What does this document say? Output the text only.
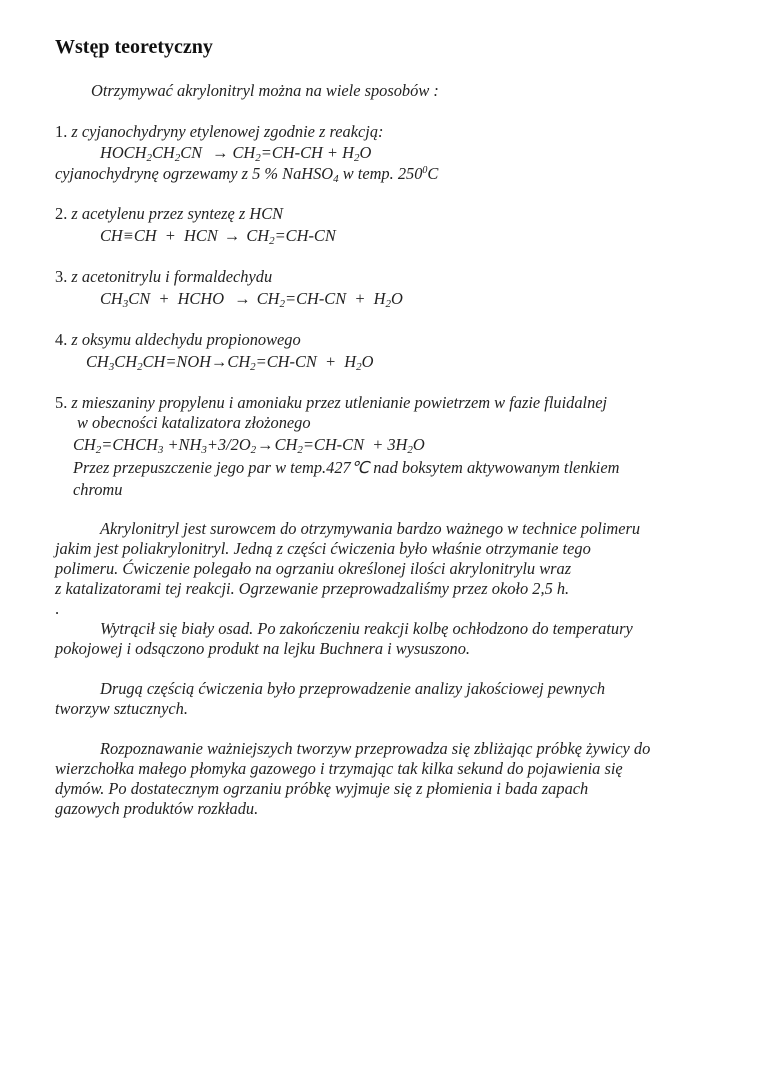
Wstęp teoretyczny
Otrzymywać akrylonitryl można na wiele sposobów :
1. z cyjanochydryny etylenowej zgodnie z reakcją:
$HOCH_2CH_2CN \to CH_2=CH-CH + H_2O$
cyjanochydrynę ogrzewamy z 5 % NaHSO$_4$ w temp. $250^0C$
2. z acetylenu przez syntezę z HCN
CH≡CH  +  HCN → $CH_2=CH-CN$
3. z acetonitrylu i formaldechydu
$CH_3CN$  +  HCHO  → $CH_2=CH-CN + H_2O$
4. z oksymu aldechydu propionowego
$CH_3CH_2CH=NOH\to CH_2=CH-CN + H_2O$
5. z mieszaniny propylenu i amoniaku przez utlenianie powietrzem w fazie fluidalnej
w obecności katalizatora złożonego
$CH_2=CHCH_3 +NH_3+3/2O_2\to CH_2=CH-CN + 3H_2O$
Przez przepuszczenie jego par w temp.427℃ nad boksytem aktywowanym tlenkiem
chromu
Akrylonitryl jest surowcem do otrzymywania bardzo ważnego w technice polimeru
jakim jest poliakrylonitryl. Jedną z części ćwiczenia było właśnie otrzymanie tego
polimeru. Ćwiczenie polegało na ogrzaniu określonej ilości akrylonitrylu wraz
z katalizatorami tej reakcji. Ogrzewanie przeprowadzaliśmy przez około 2,5 h.
.
Wytrącił się biały osad. Po zakończeniu reakcji kolbę ochłodzono do temperatury
pokojowej i odsączono produkt na lejku Buchnera i wysuszono.
Drugą częścią ćwiczenia było przeprowadzenie analizy jakościowej pewnych
tworzyw sztucznych.
Rozpoznawanie ważniejszych tworzyw przeprowadza się zbliżając próbkę żywicy do
wierzchołka małego płomyka gazowego i trzymając tak kilka sekund do pojawienia się
dymów. Po dostatecznym ogrzaniu próbkę wyjmuje się z płomienia i bada zapach
gazowych produktów rozkładu.
